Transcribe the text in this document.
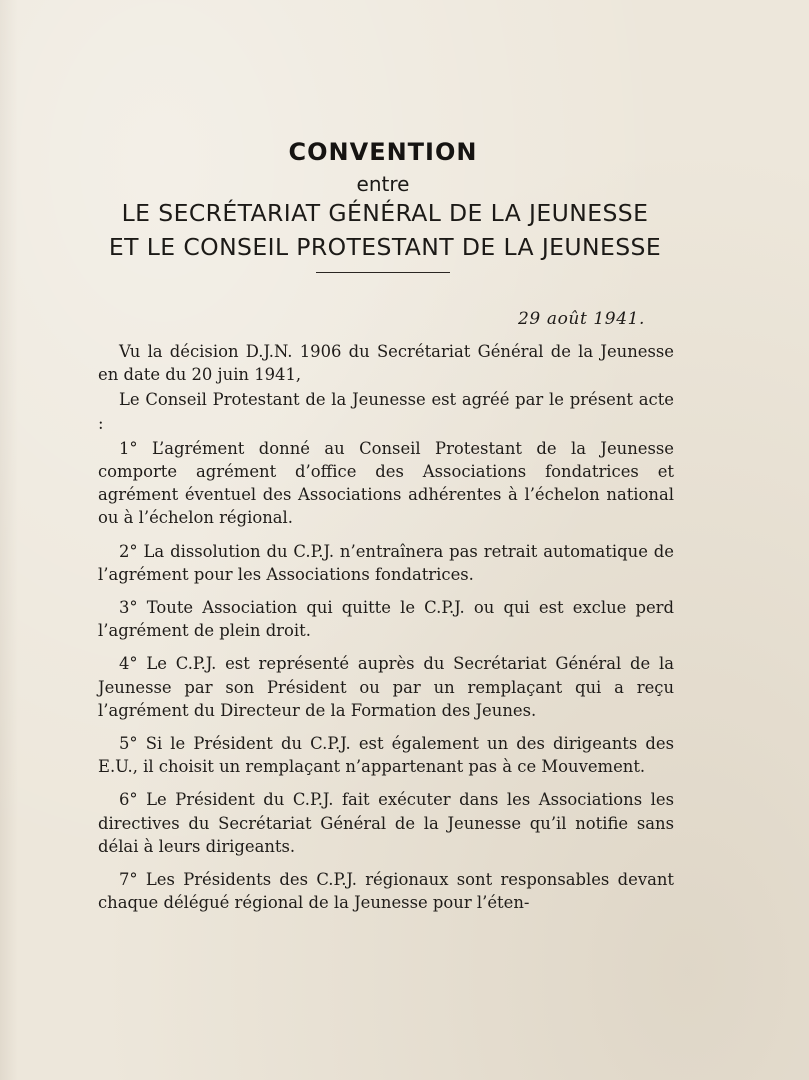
CONVENTION
entre
LE SECRÉTARIAT GÉNÉRAL DE LA JEUNESSE
ET LE CONSEIL PROTESTANT DE LA JEUNESSE
29 août 1941.

Vu la décision D.J.N. 1906 du Secrétariat Général de la Jeunesse en date du 20 juin 1941,

Le Conseil Protestant de la Jeunesse est agréé par le présent acte :

1° L’agrément donné au Conseil Protestant de la Jeunesse comporte agrément d’office des Associations fondatrices et agrément éventuel des Associations adhérentes à l’échelon national ou à l’échelon régional.

2° La dissolution du C.P.J. n’entraînera pas retrait automatique de l’agrément pour les Associations fondatrices.

3° Toute Association qui quitte le C.P.J. ou qui est exclue perd l’agrément de plein droit.

4° Le C.P.J. est représenté auprès du Secrétariat Général de la Jeunesse par son Président ou par un remplaçant qui a reçu l’agrément du Directeur de la Formation des Jeunes.

5° Si le Président du C.P.J. est également un des dirigeants des E.U., il choisit un remplaçant n’appartenant pas à ce Mouvement.

6° Le Président du C.P.J. fait exécuter dans les Associations les directives du Secrétariat Général de la Jeunesse qu’il notifie sans délai à leurs dirigeants.

7° Les Présidents des C.P.J. régionaux sont responsables devant chaque délégué régional de la Jeunesse pour l’éten-
